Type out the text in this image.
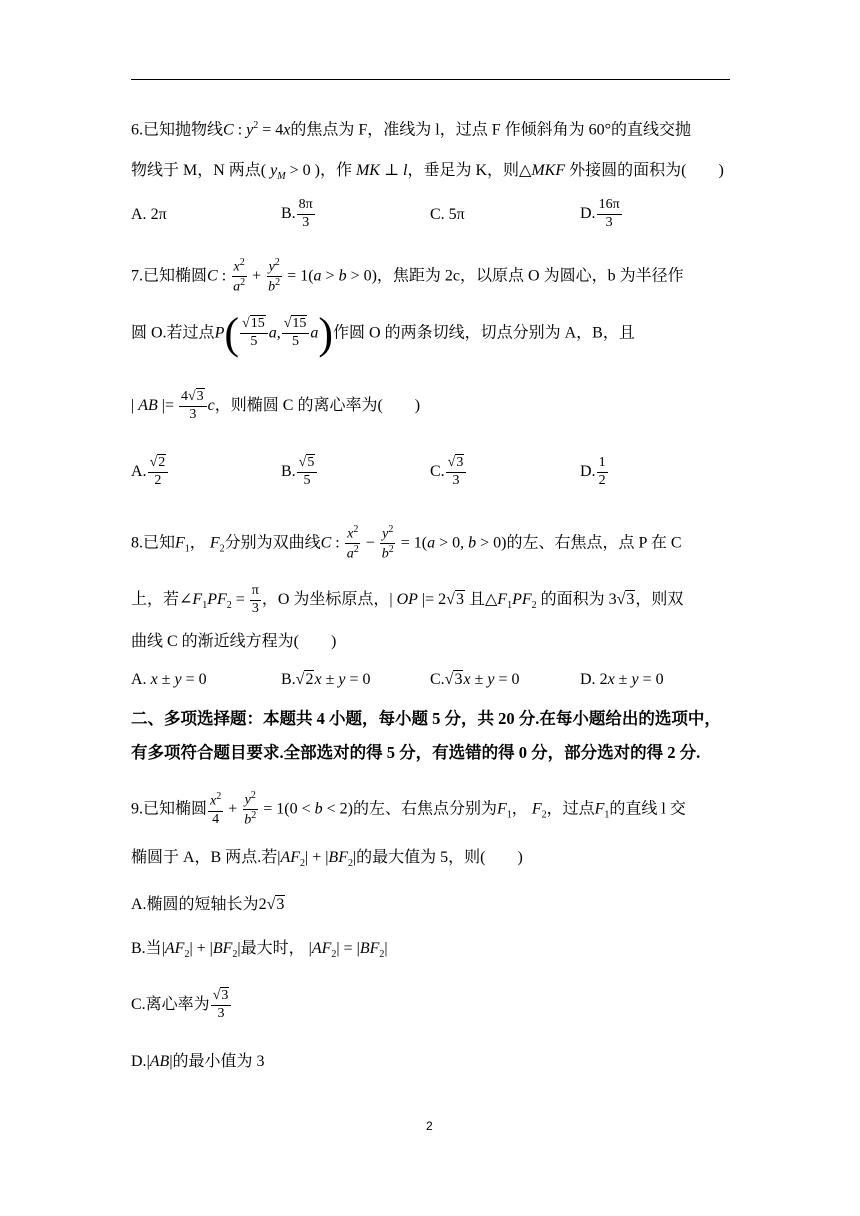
6.已知抛物线C : $y^2 = 4x$的焦点为 F，准线为 l，过点 F 作倾斜角为 60°的直线交抛
物线于 M，N 两点( $y_M > 0$ )，作 MK ⊥ l，垂足为 K，则△MKF 外接圆的面积为(　　)
A. 2π	B. $\frac{8\pi}{3}$	C. 5π	D. $\frac{16\pi}{3}$
7.已知椭圆C : $\frac{x^2}{a^2} + \frac{y^2}{b^2} = 1(a > b > 0)$，焦距为 2c，以原点 O 为圆心，b 为半径作
圆 O.若过点$P( \frac{√15}{5} a$, $\frac{√15}{5} a$)作圆 O 的两条切线，切点分别为 A，B，且
| AB |= $\frac{4√3}{3}$ c，则椭圆 C 的离心率为(　　)
A. $\frac{√2}{2}$	B. $\frac{√5}{5}$	C. $\frac{√3}{3}$	D. $\frac{1}{2}$
8.已知$F_1$， $F_2$分别为双曲线C : $\frac{x^2}{a^2} - \frac{y^2}{b^2} = 1(a > 0$, b > 0)的左、右焦点，点 P 在 C
上，若$\angle F_1PF_2 = \frac{\pi}{3}$ ，O 为坐标原点，| OP |= 2√3 且$\triangle F_1PF_2$ 的面积为 3√3，则双
曲线 C 的渐近线方程为(　　)
A. x ± y = 0	B.√2x ± y = 0	C.√3x ± y = 0	D. 2x ± y = 0
二、多项选择题：本题共 4 小题，每小题 5 分，共 20 分.在每小题给出的选项中，
有多项符合题目要求.全部选对的得 5 分，有选错的得 0 分，部分选对的得 2 分.
9.已知椭圆 $\frac{x^2}{4} + \frac{y^2}{b^2} = 1(0 < b < 2)$的左、右焦点分别为$F_1$， $F_2$，过点$F_1$的直线 l 交
椭圆于 A，B 两点.若$|AF_2| + |BF_2|$的最大值为 5，则(　　)
A.椭圆的短轴长为2√3
B.当$|AF_2| + |BF_2|$最大时， $|AF_2| = |BF_2|$
C.离心率为 $\frac{√3}{3}$
D.|AB|的最小值为 3
2
